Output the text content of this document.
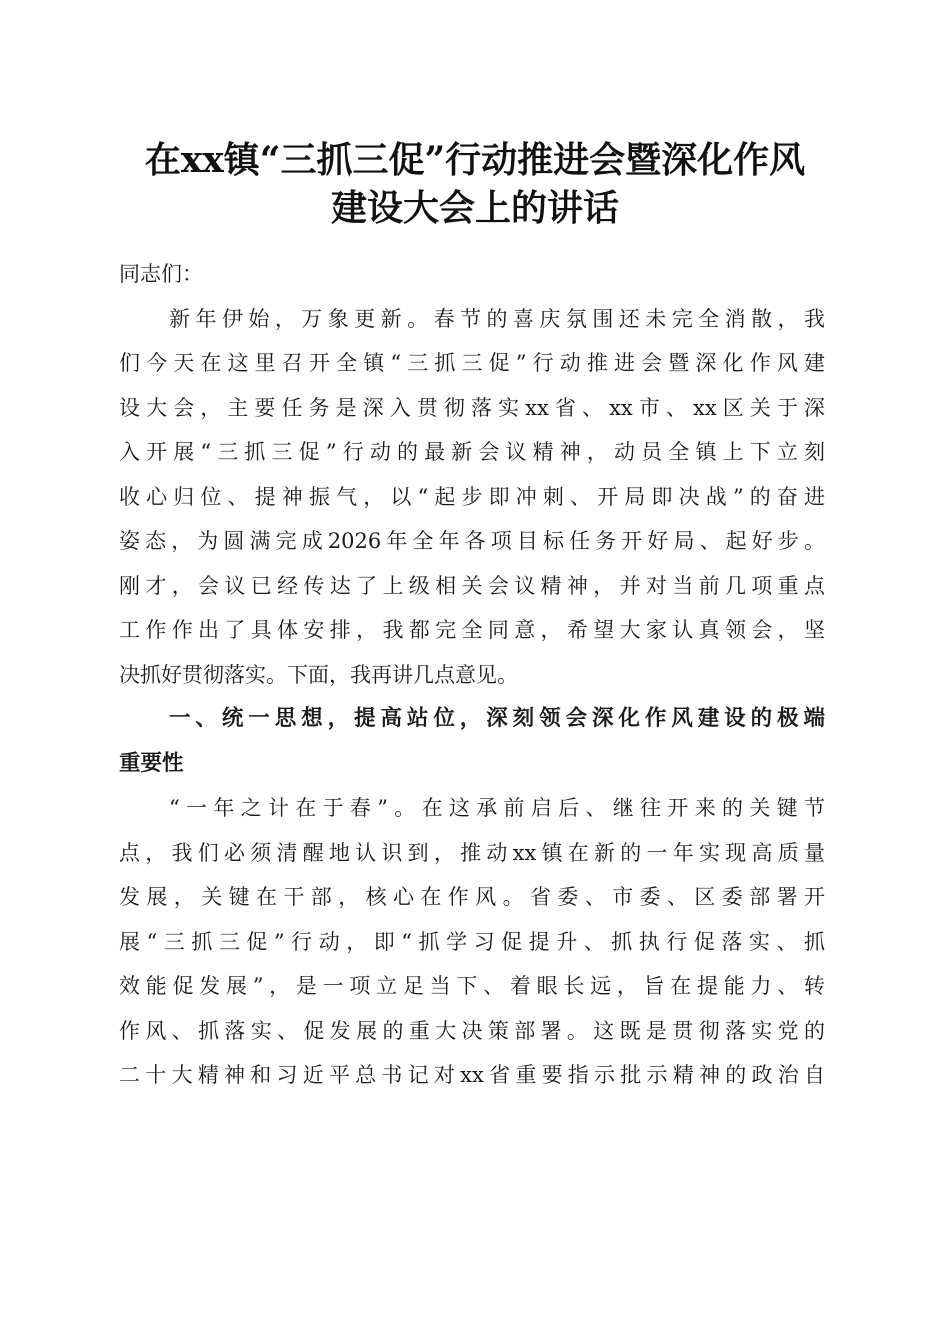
在xx镇“三抓三促”行动推进会暨深化作风
建设大会上的讲话
同志们：
新年伊始，万象更新。春节的喜庆氛围还未完全消散，我
们今天在这里召开全镇“三抓三促”行动推进会暨深化作风建
设大会，主要任务是深入贯彻落实xx省、xx市、xx区关于深
入开展“三抓三促”行动的最新会议精神，动员全镇上下立刻
收心归位、提神振气，以“起步即冲刺、开局即决战”的奋进
姿态，为圆满完成2026年全年各项目标任务开好局、起好步。
刚才，会议已经传达了上级相关会议精神，并对当前几项重点
工作作出了具体安排，我都完全同意，希望大家认真领会，坚
决抓好贯彻落实。下面，我再讲几点意见。
一、统一思想，提高站位，深刻领会深化作风建设的极端
重要性
“一年之计在于春”。在这承前启后、继往开来的关键节
点，我们必须清醒地认识到，推动xx镇在新的一年实现高质量
发展，关键在干部，核心在作风。省委、市委、区委部署开
展“三抓三促”行动，即“抓学习促提升、抓执行促落实、抓
效能促发展”，是一项立足当下、着眼长远，旨在提能力、转
作风、抓落实、促发展的重大决策部署。这既是贯彻落实党的
二十大精神和习近平总书记对xx省重要指示批示精神的政治自
